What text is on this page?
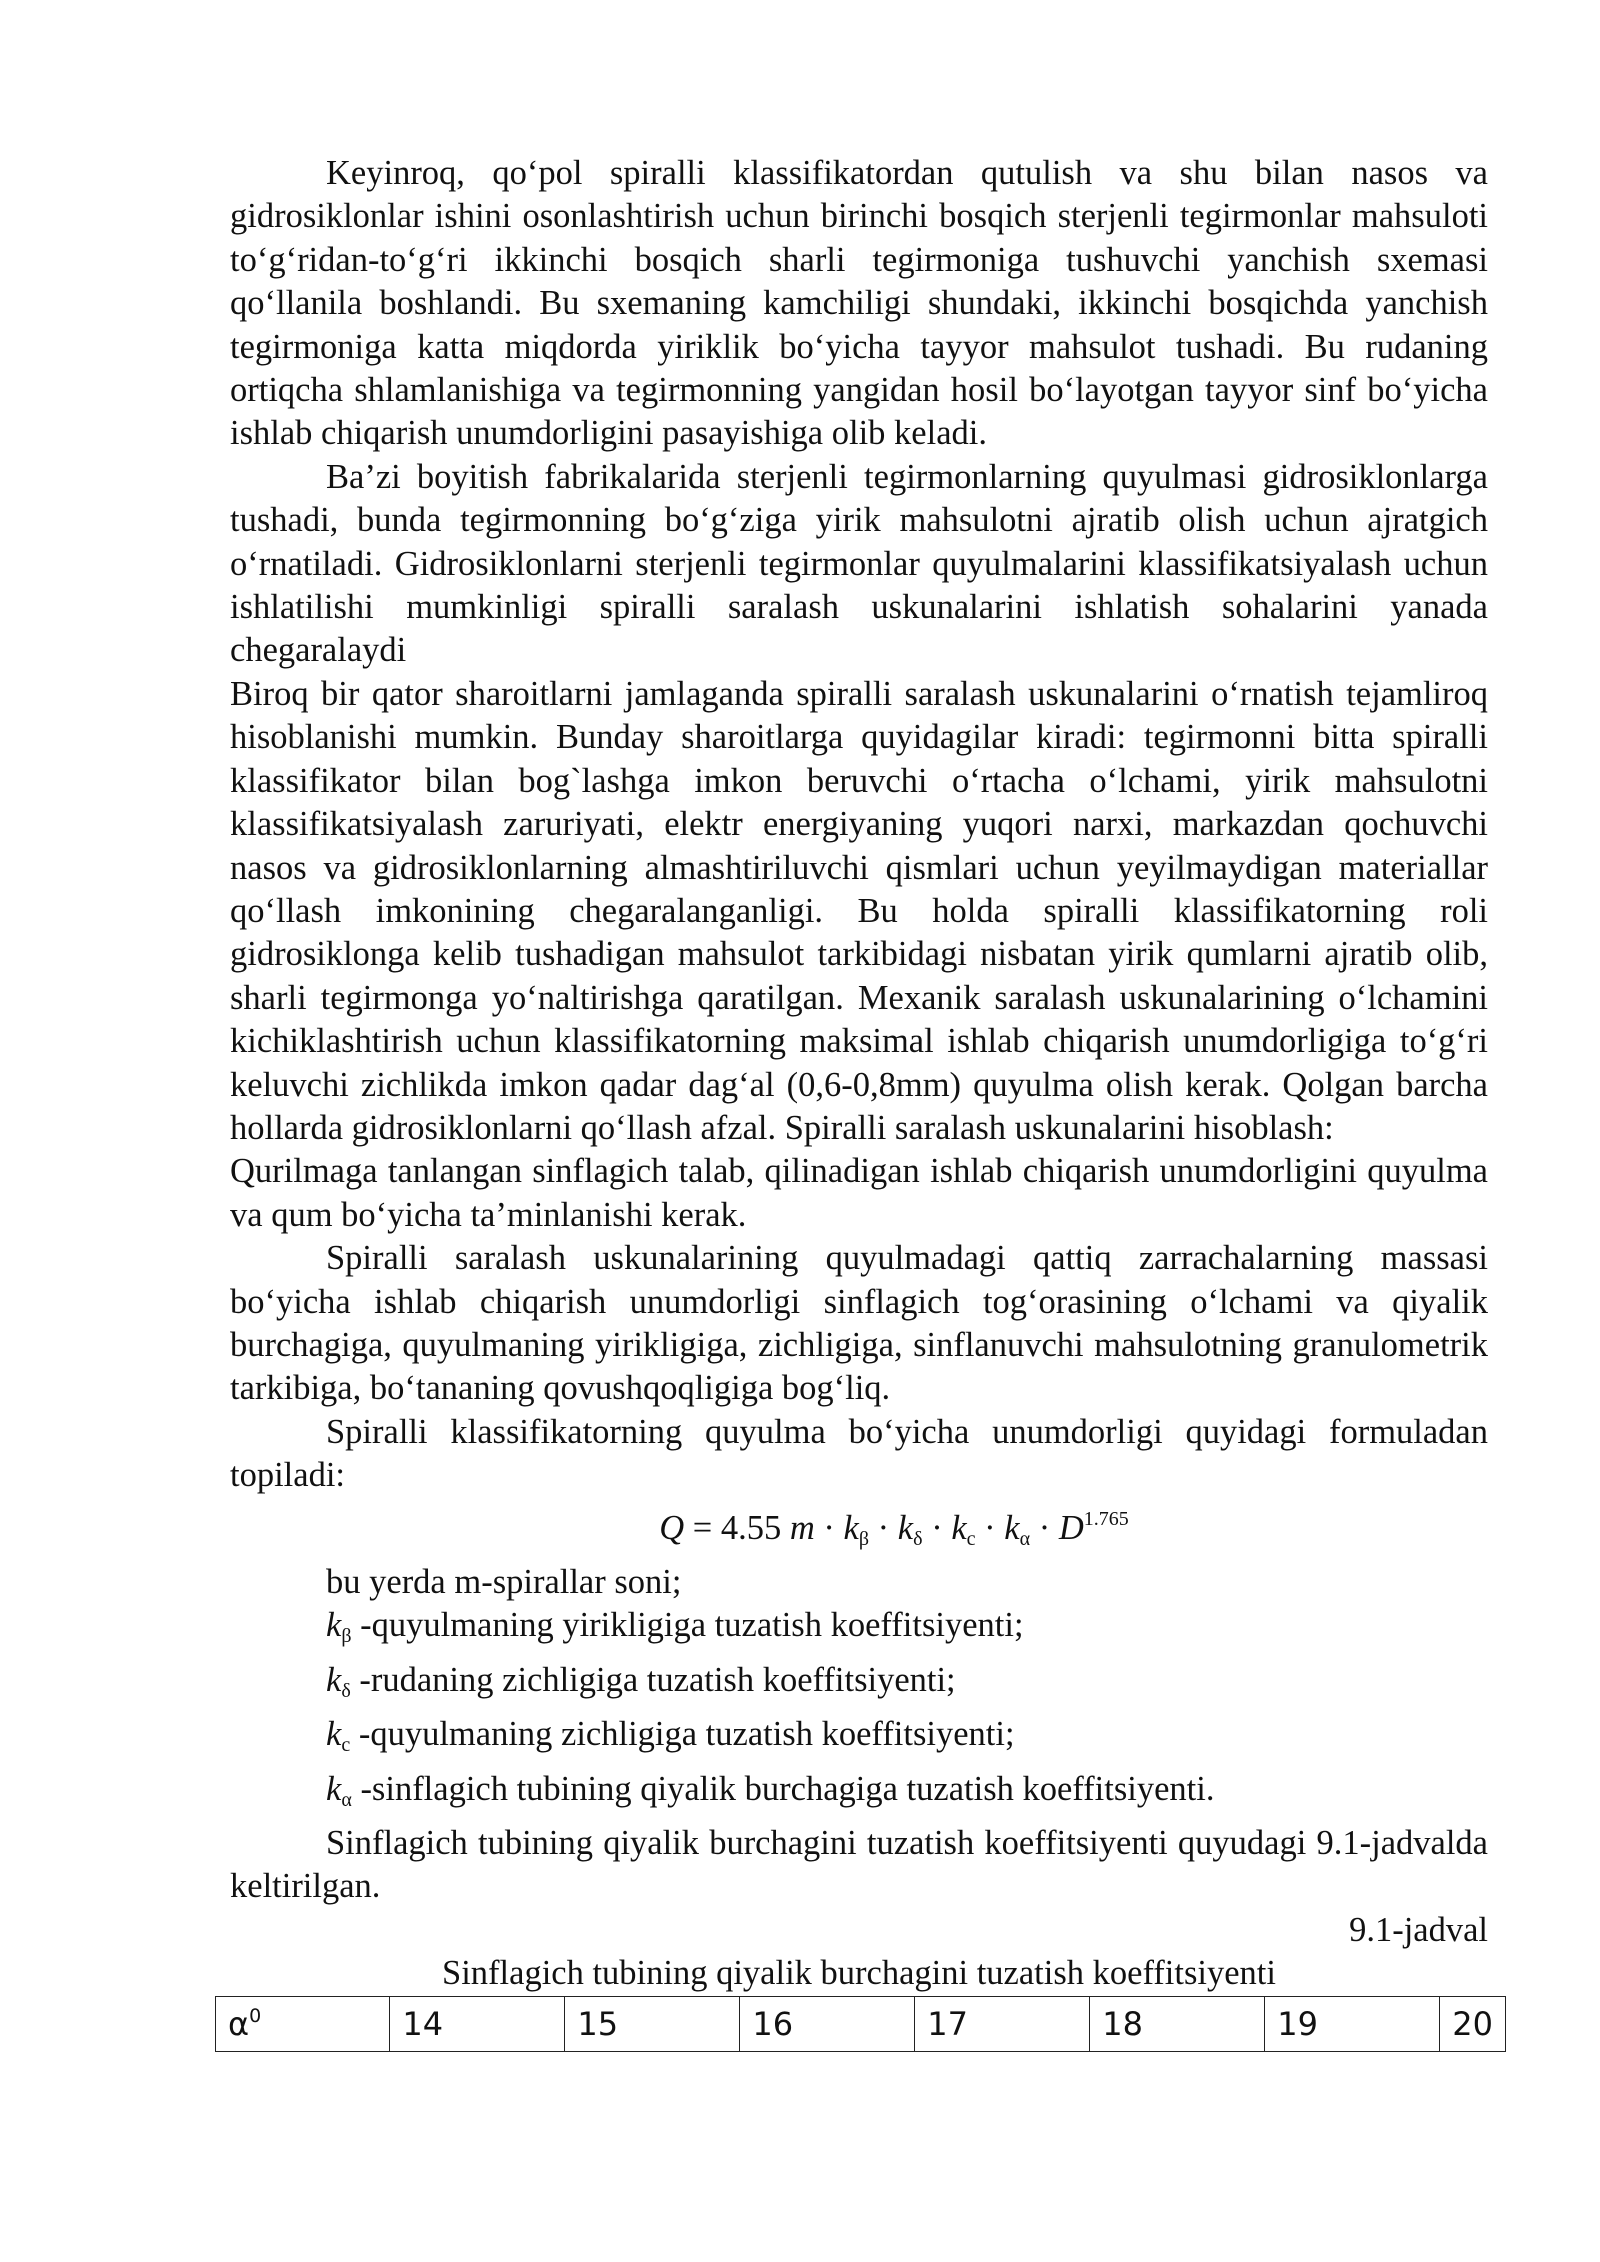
Keyinroq, qo‘pol spiralli klassifikatordan qutulish va shu bilan nasos va gidrosiklonlar ishini osonlashtirish uchun birinchi bosqich sterjenli tegirmonlar mahsuloti to‘g‘ridan-to‘g‘ri ikkinchi bosqich sharli tegirmoniga tushuvchi yanchish sxemasi qo‘llanila boshlandi. Bu sxemaning kamchiligi shundaki, ikkinchi bosqichda yanchish tegirmoniga katta miqdorda yiriklik bo‘yicha tayyor mahsulot tushadi. Bu rudaning ortiqcha shlamlanishiga va tegirmonning yangidan hosil bo‘layotgan tayyor sinf bo‘yicha ishlab chiqarish unumdorligini pasayishiga olib keladi.

Ba’zi boyitish fabrikalarida sterjenli tegirmonlarning quyulmasi gidrosiklonlarga tushadi, bunda tegirmonning bo‘g‘ziga yirik mahsulotni ajratib olish uchun ajratgich o‘rnatiladi. Gidrosiklonlarni sterjenli tegirmonlar quyulmalarini klassifikatsiyalash uchun ishlatilishi mumkinligi spiralli saralash uskunalarini ishlatish sohalarini yanada chegaralaydi

Biroq bir qator sharoitlarni jamlaganda spiralli saralash uskunalarini o‘rnatish tejamliroq hisoblanishi mumkin. Bunday sharoitlarga quyidagilar kiradi: tegirmonni bitta spiralli klassifikator bilan bog`lashga imkon beruvchi o‘rtacha o‘lchami, yirik mahsulotni klassifikatsiyalash zaruriyati, elektr energiyaning yuqori narxi, markazdan qochuvchi nasos va gidrosiklonlarning almashtiriluvchi qismlari uchun yeyilmaydigan materiallar qo‘llash imkonining chegaralanganligi. Bu holda spiralli klassifikatorning roli gidrosiklonga kelib tushadigan mahsulot tarkibidagi nisbatan yirik qumlarni ajratib olib, sharli tegirmonga yo‘naltirishga qaratilgan. Mexanik saralash uskunalarining o‘lchamini kichiklashtirish uchun klassifikatorning maksimal ishlab chiqarish unumdorligiga to‘g‘ri keluvchi zichlikda imkon qadar dag‘al (0,6-0,8mm) quyulma olish kerak. Qolgan barcha hollarda gidrosiklonlarni qo‘llash afzal. Spiralli saralash uskunalarini hisoblash:

Qurilmaga tanlangan sinflagich talab, qilinadigan ishlab chiqarish unumdorligini quyulma va qum bo‘yicha ta’minlanishi kerak.

Spiralli saralash uskunalarining quyulmadagi qattiq zarrachalarning massasi bo‘yicha ishlab chiqarish unumdorligi sinflagich tog‘orasining o‘lchami va qiyalik burchagiga, quyulmaning yirikligiga, zichligiga, sinflanuvchi mahsulotning granulometrik tarkibiga, bo‘tananing qovushqoqligiga bog‘liq.

Spiralli klassifikatorning quyulma bo‘yicha unumdorligi quyidagi formuladan topiladi:

Q = 4.55 $m \cdot k_\beta \cdot k_\delta \cdot k_c \cdot k_\alpha \cdot D^{1.765}$

bu yerda m-spirallar soni;

$k_\beta$ -quyulmaning yirikligiga tuzatish koeffitsiyenti;

$k_\delta$ -rudaning zichligiga tuzatish koeffitsiyenti;

$k_c$ -quyulmaning zichligiga tuzatish koeffitsiyenti;

$k_\alpha$ -sinflagich tubining qiyalik burchagiga tuzatish koeffitsiyenti.

Sinflagich tubining qiyalik burchagini tuzatish koeffitsiyenti quyudagi 9.1-jadvalda keltirilgan.

9.1-jadval

Sinflagich tubining qiyalik burchagini tuzatish koeffitsiyenti

$\alpha^0$	14	15	16	17	18	19	20
